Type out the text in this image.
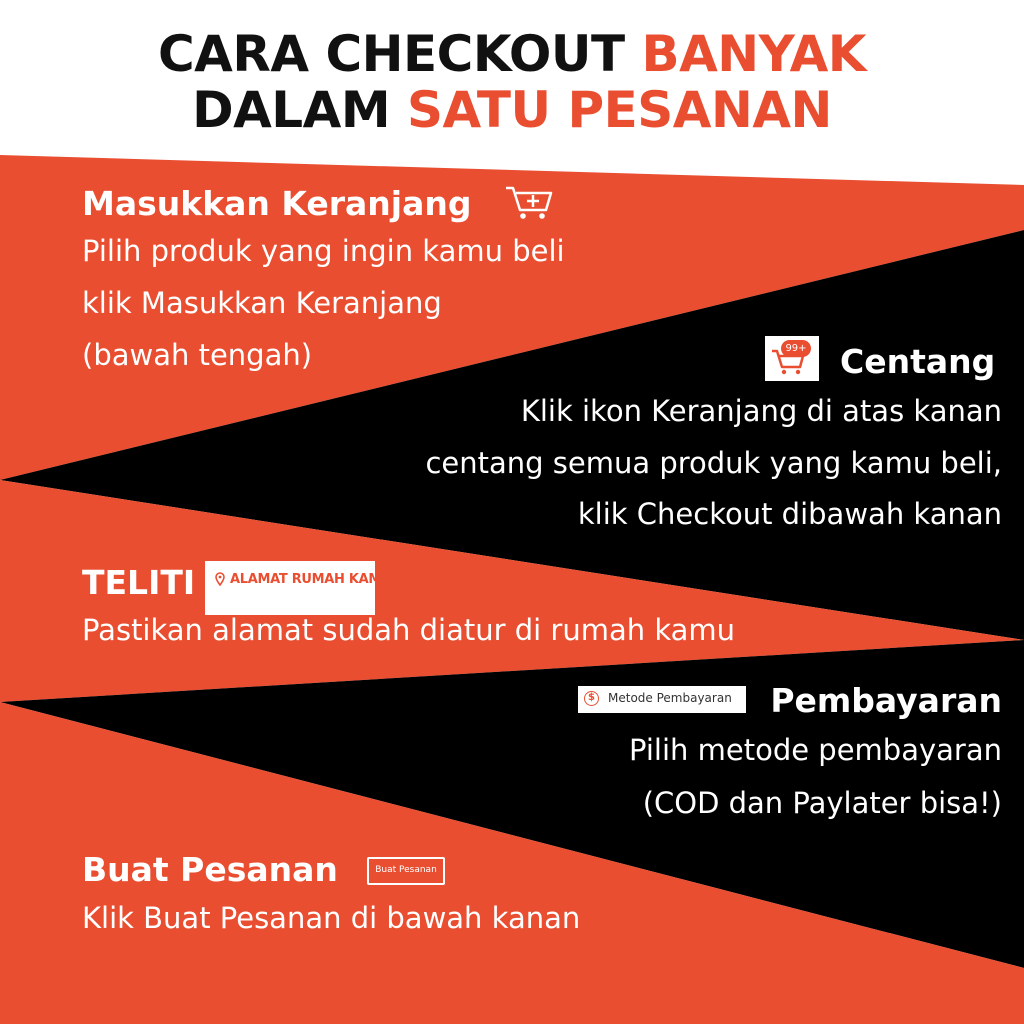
CARA CHECKOUT BANYAK
DALAM SATU PESANAN
Masukkan Keranjang
Pilih produk yang ingin kamu beli
klik Masukkan Keranjang
(bawah tengah)	99+ Centang
Klik ikon Keranjang di atas kanan
centang semua produk yang kamu beli,
klik Checkout dibawah kanan
TELITI	ALAMAT RUMAH KAMU
Pastikan alamat sudah diatur di rumah kamu
$	Metode Pembayaran Pembayaran
Pilih metode pembayaran
(COD dan Paylater bisa!)
Buat Pesanan	Buat Pesanan
Klik Buat Pesanan di bawah kanan
